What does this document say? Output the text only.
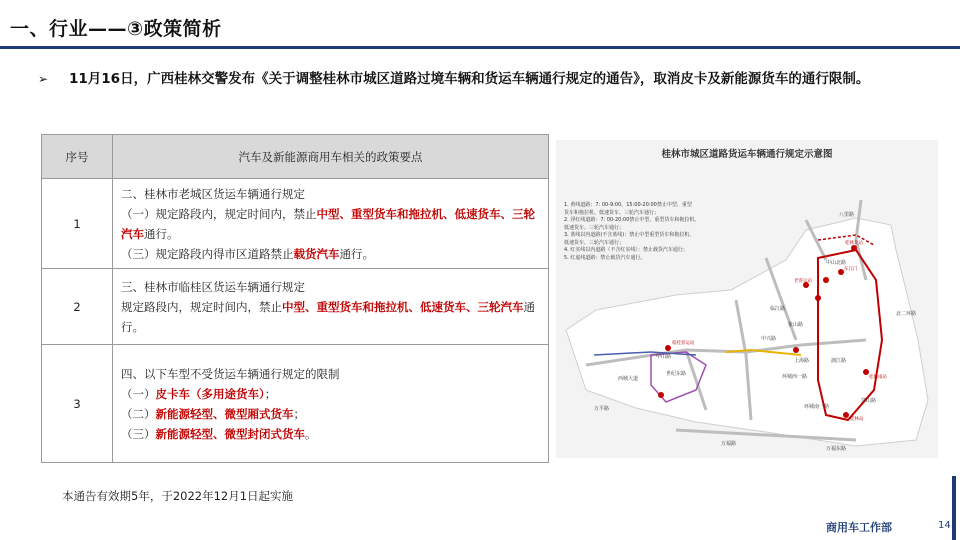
一、行业——③政策简析
➢ 11月16日，广西桂林交警发布《关于调整桂林市城区道路过境车辆和货运车辆通行规定的通告》，取消皮卡及新能源货车的通行限制。
序号	汽车及新能源商用车相关的政策要点
1	二、桂林市老城区货运车辆通行规定
（一）规定路段内，规定时间内，禁止中型、重型货车和拖拉机、低速货车、三轮汽车通行。
（三）规定路段内得市区道路禁止载货汽车通行。

2	三、桂林市临桂区货运车辆通行规定
规定路段内，规定时间内，禁止中型、重型货车和拖拉机、低速货车、三轮汽车通行。

3	四、以下车型不受货运车辆通行规定的限制
（一）皮卡车（多用途货车）；
（二）新能源轻型、微型厢式货车；
（三）新能源轻型、微型封闭式货车。
本通告有效期5年，于2022年12月1日起实施
八里路
北二环路
中山北路
上海路	漓江路
万福路
万福东路
甲山路
西城大道
世纪东路
万平路
临江路
象山路
环城西一路
环城南一路
中兴路
穿山路
临桂客运站
桂林北站
老客运站
桂林站
东江门
桂林南站
桂林市城区道路货运车辆通行规定示意图
1. 黄线道路：7: 00-9:00、15:00-20:00禁止中型、重型
货车和拖拉机、低速货车、三轮汽车通行；
2. 浮红线道路：7: 00-20:00禁止中型、重型货车和拖拉机、
低速货车、三轮汽车通行；
3. 蓝线以内道路(不含蓝线)：禁止中型重型货车和拖拉机、
低速货车、三轮汽车通行；
4. 红实线以内道路（不含红实线）：禁止载货汽车通行；
5. 红虚线道路：禁止载货汽车通行。
商用车工作部	14
